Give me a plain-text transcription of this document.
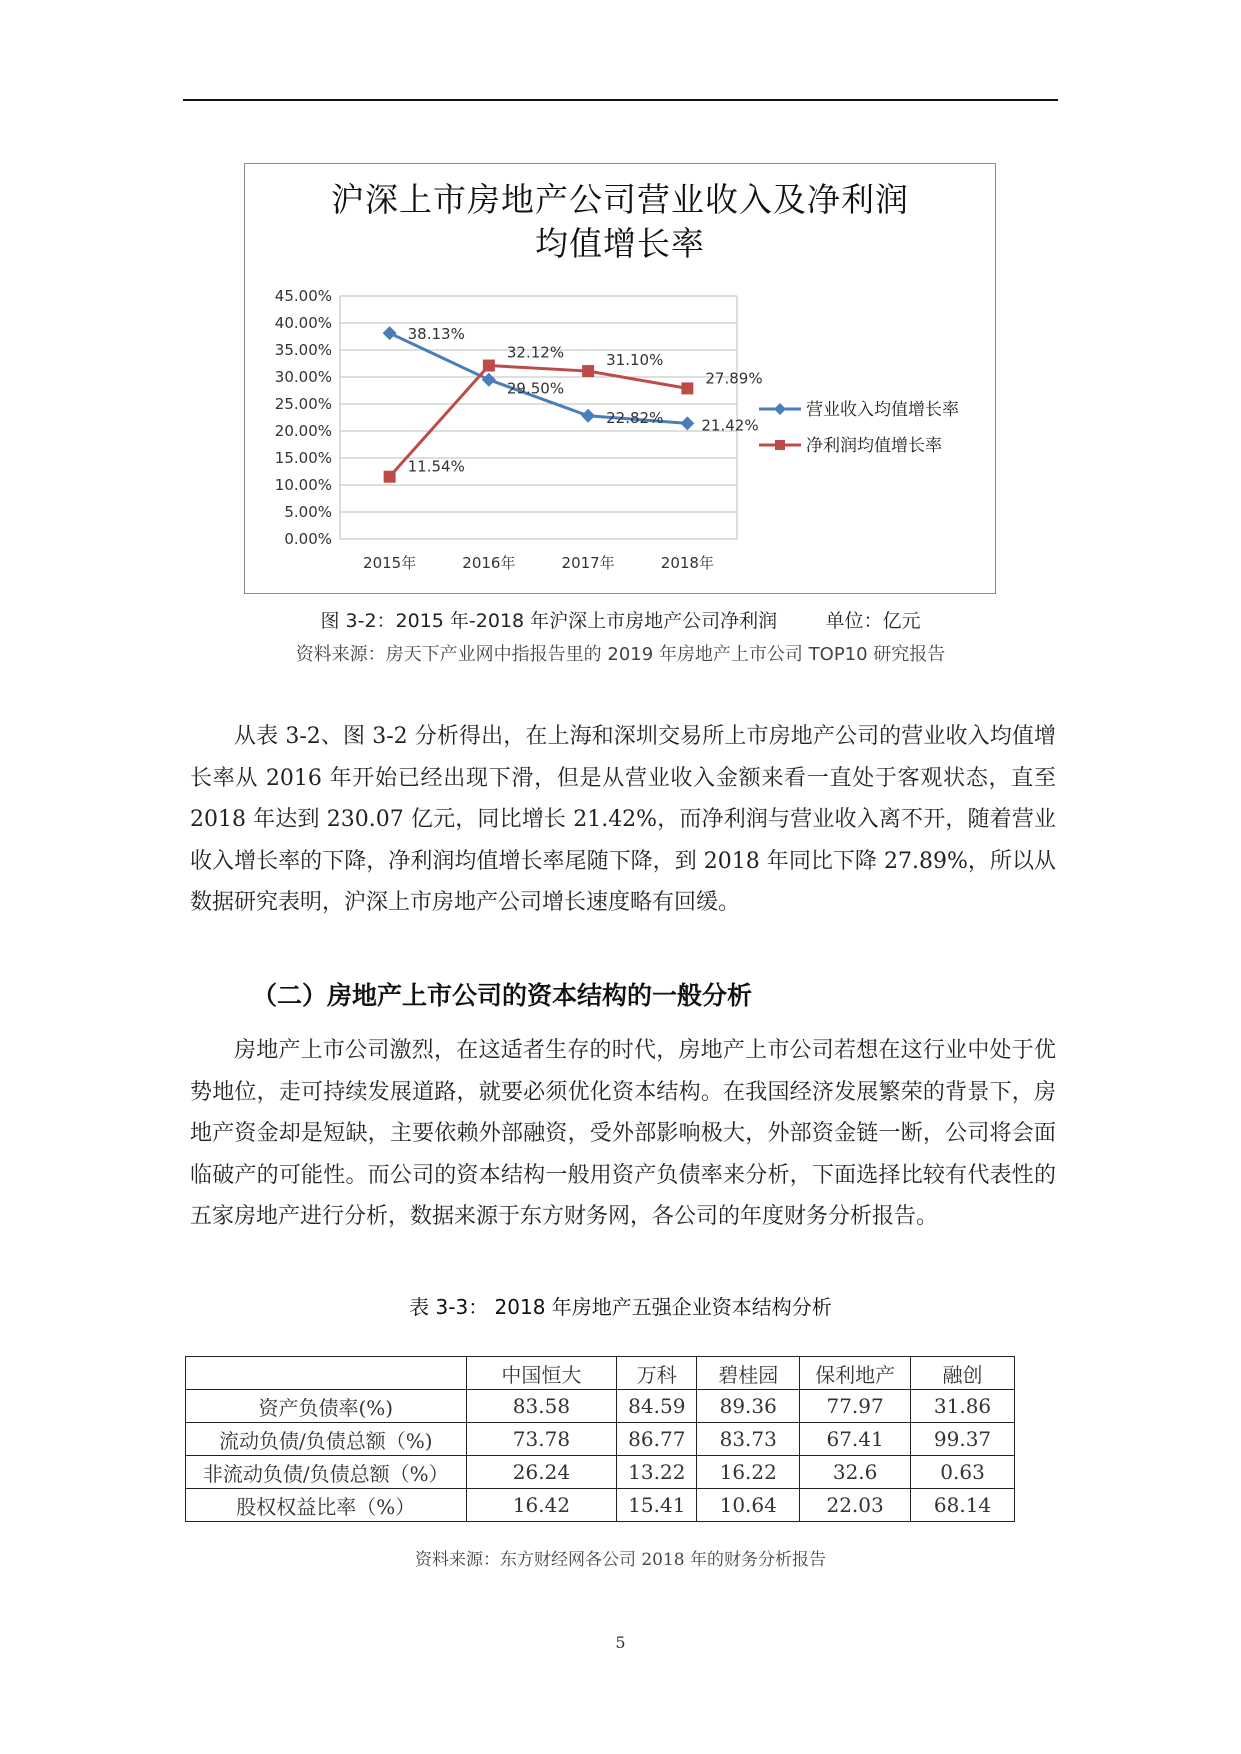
沪深上市房地产公司营业收入及净利润
均值增长率
45.00%
40.00%
35.00%
30.00%
25.00%
20.00%
15.00%
10.00%
5.00%
0.00%
2015年	2016年	2017年	2018年
38.13%
29.50%
22.82%	21.42%
营业收入均值增长率
11.54%
32.12%	31.10%
27.89%
净利润均值增长率
图 3-2：2015 年-2018 年沪深上市房地产公司净利润        单位：亿元
资料来源：房天下产业网中指报告里的 2019 年房地产上市公司 TOP10 研究报告

从表 3-2、图 3-2 分析得出，在上海和深圳交易所上市房地产公司的营业收入均值增长率从 2016 年开始已经出现下滑，但是从营业收入金额来看一直处于客观状态，直至 2018 年达到 230.07 亿元，同比增长 21.42%，而净利润与营业收入离不开，随着营业收入增长率的下降，净利润均值增长率尾随下降，到 2018 年同比下降 27.89%，所以从数据研究表明，沪深上市房地产公司增长速度略有回缓。

（二）房地产上市公司的资本结构的一般分析

房地产上市公司激烈，在这适者生存的时代，房地产上市公司若想在这行业中处于优势地位，走可持续发展道路，就要必须优化资本结构。在我国经济发展繁荣的背景下，房地产资金却是短缺，主要依赖外部融资，受外部影响极大，外部资金链一断，公司将会面临破产的可能性。而公司的资本结构一般用资产负债率来分析，下面选择比较有代表性的五家房地产进行分析，数据来源于东方财务网，各公司的年度财务分析报告。

表 3-3： 2018 年房地产五强企业资本结构分析
	中国恒大	万科	碧桂园	保利地产	融创
资产负债率(%)	83.58	84.59	89.36	77.97	31.86
流动负债/负债总额（%)	73.78	86.77	83.73	67.41	99.37
非流动负债/负债总额（%）	26.24	13.22	16.22	32.6	0.63
股权权益比率（%）	16.42	15.41	10.64	22.03	68.14
资料来源：东方财经网各公司 2018 年的财务分析报告
5
